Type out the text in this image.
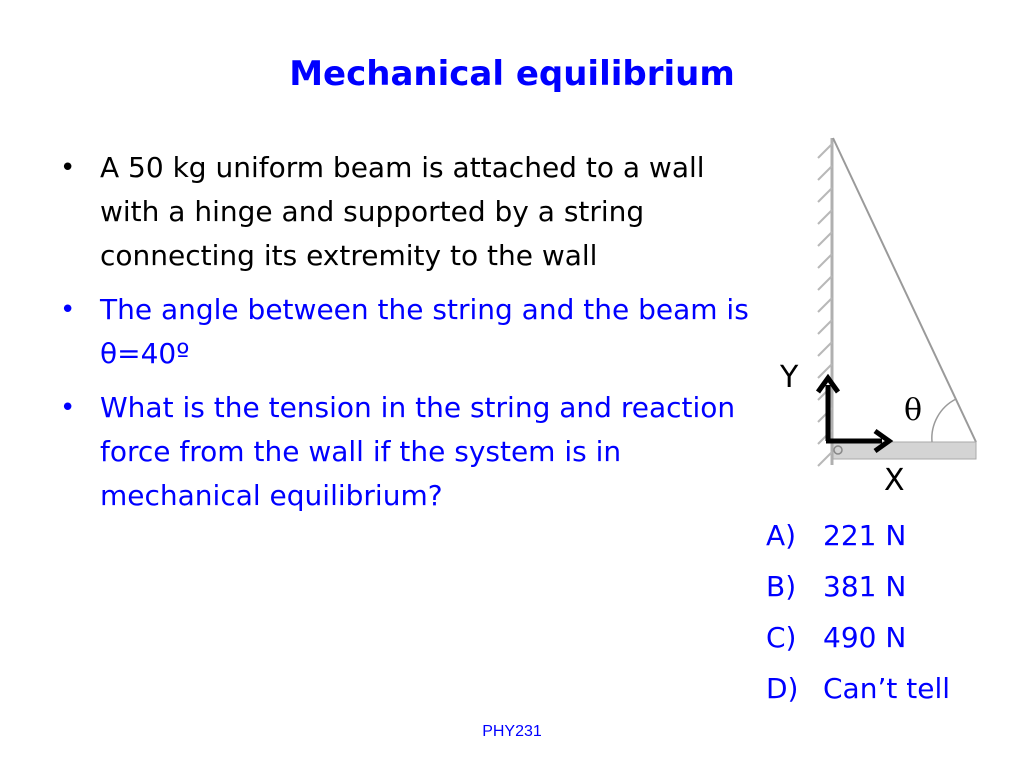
Mechanical equilibrium
• A 50 kg uniform beam is attached to a wall with a hinge and supported by a string connecting its extremity to the wall
• The angle between the string and the beam is θ=40º
• What is the tension in the string and reaction force from the wall if the system is in mechanical equilibrium?
θ
Y
X
A) 221 N
B) 381 N
C) 490 N
D) Can’t tell
PHY231
